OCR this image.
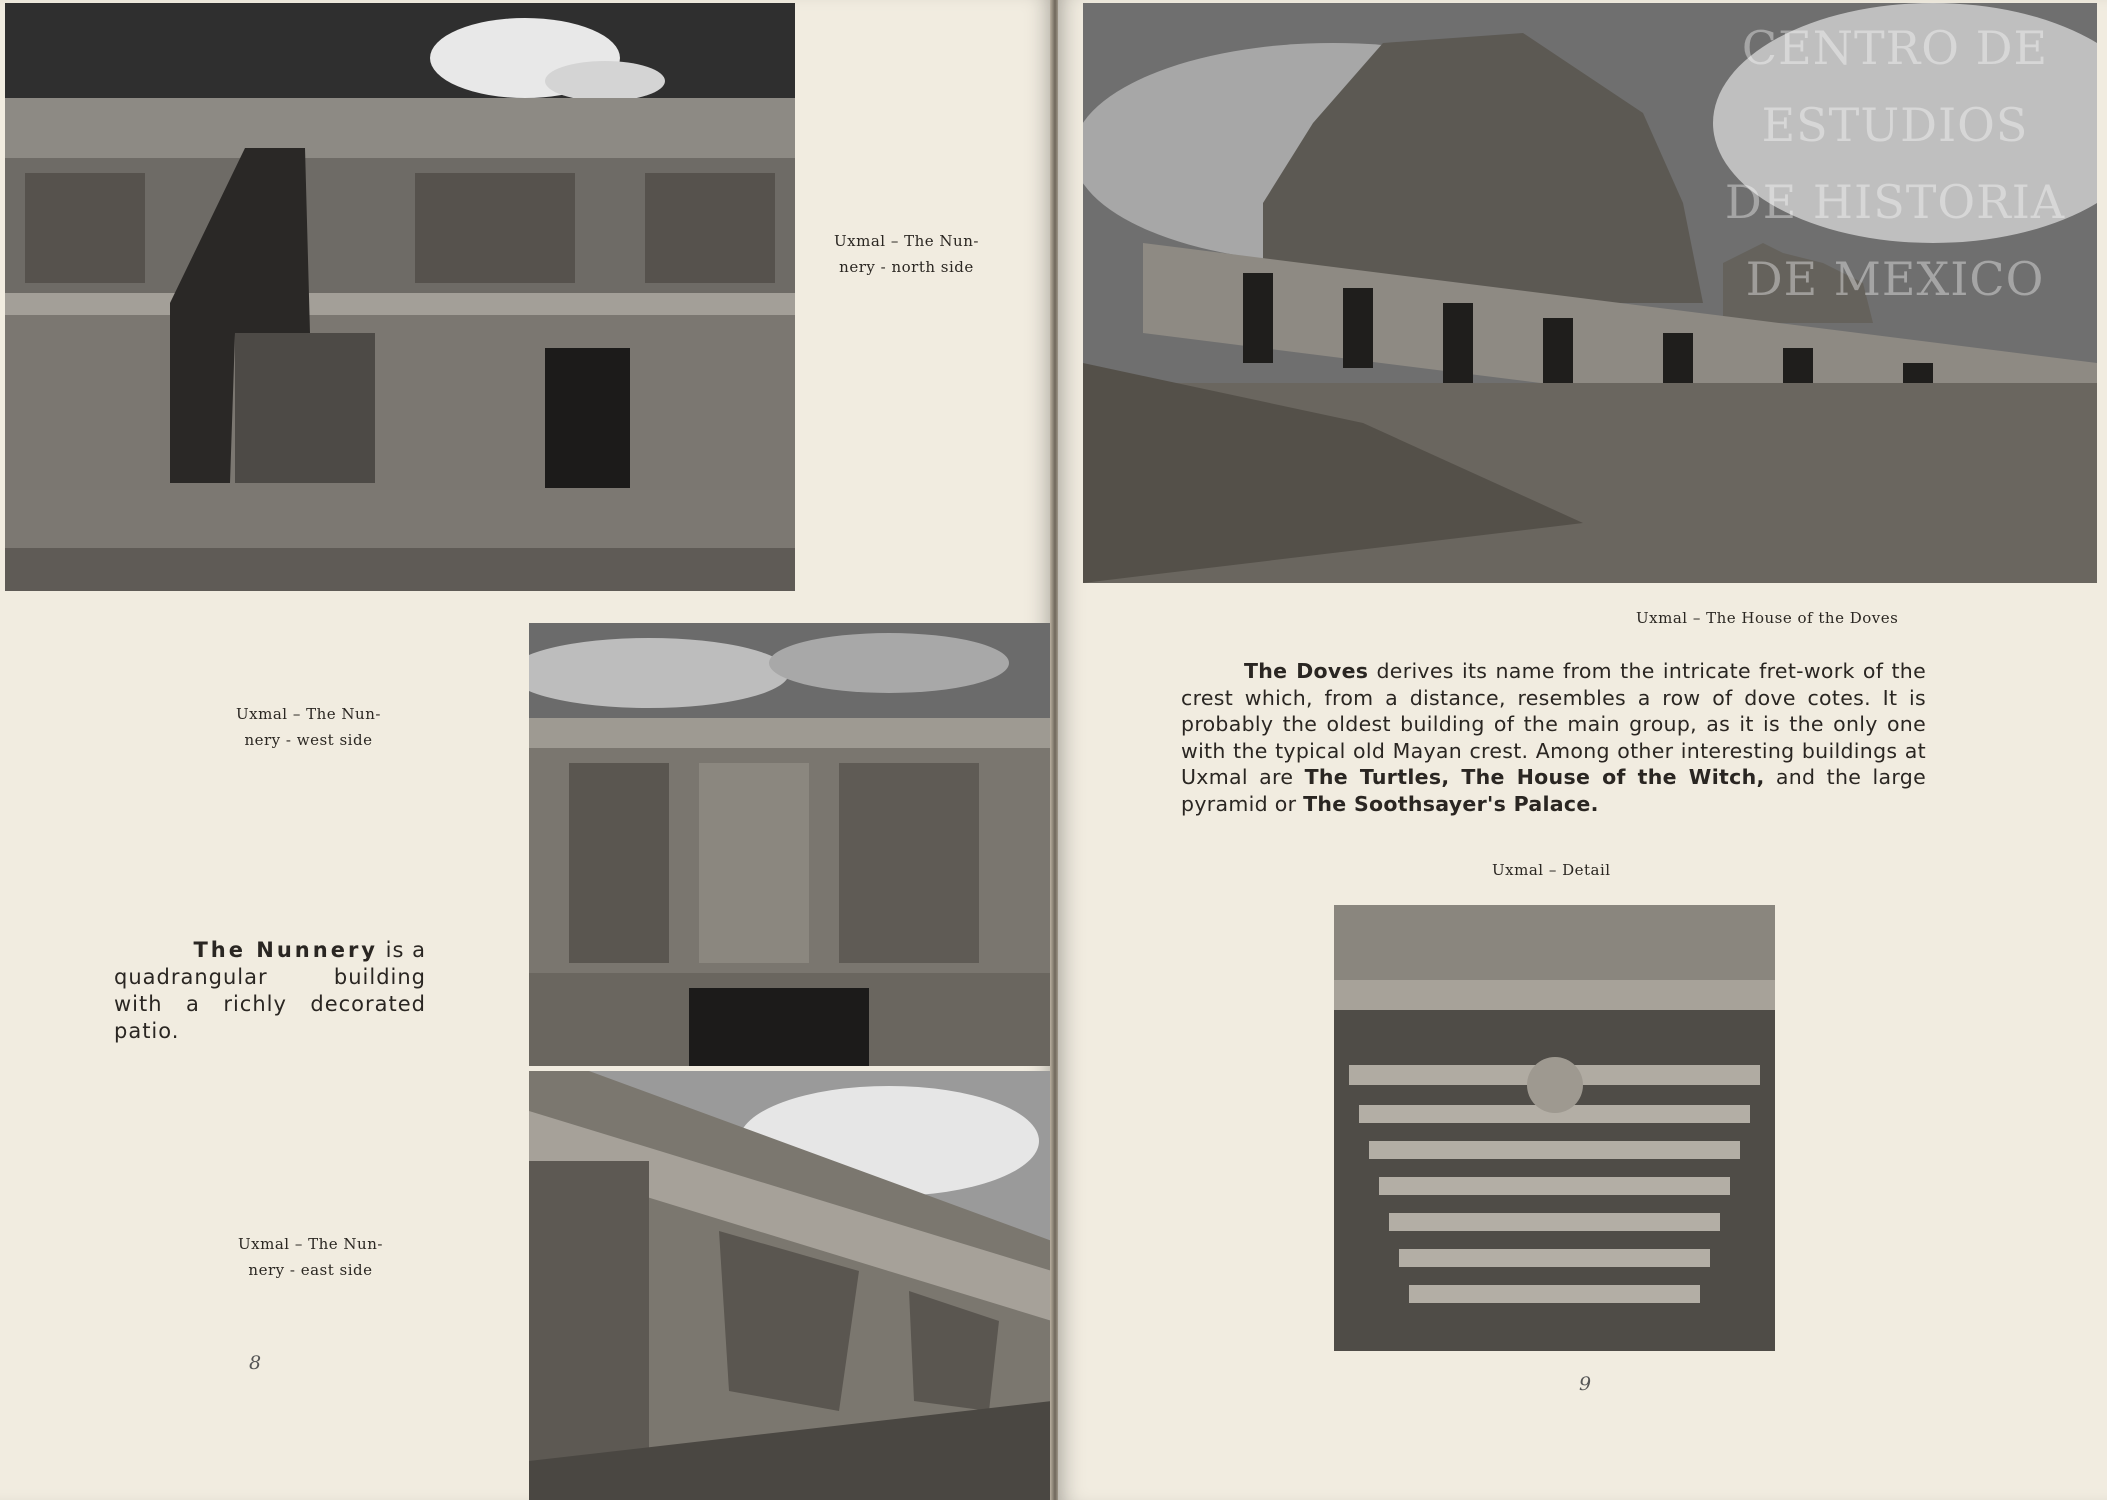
Uxmal – The Nun-
nery - north side
Uxmal – The Nun-
nery - west side
Uxmal – The Nun-
nery - east side
The Nunnery is a
quadrangular building
with a richly decorated
patio.
8
Uxmal – The House of the Doves
The Doves derives its name from the intricate fret-work of the crest which, from a distance, resembles a row of dove cotes. It is probably the oldest building of the main group, as it is the only one with the typical old Mayan crest. Among other interesting buildings at Uxmal are The Turtles, The House of the Witch, and the large pyramid or The Soothsayer's Palace.
Uxmal – Detail
9
CENTRO DE
ESTUDIOS
DE HISTORIA
DE MEXICO
